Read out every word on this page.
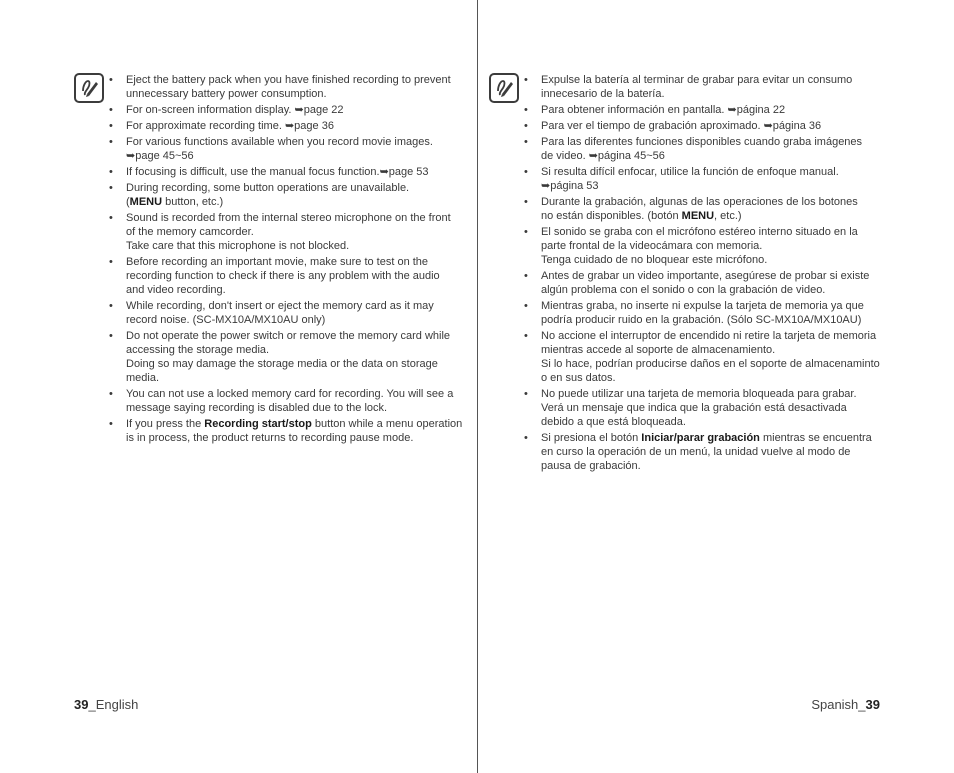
• Eject the battery pack when you have finished recording to prevent
unnecessary battery power consumption.
• For on-screen information display. ➥page 22
• For approximate recording time. ➥page 36
• For various functions available when you record movie images.
➥page 45~56
• If focusing is difficult, use the manual focus function.➥page 53
• During recording, some button operations are unavailable.
(MENU button, etc.)
• Sound is recorded from the internal stereo microphone on the front
of the memory camcorder.
Take care that this microphone is not blocked.
• Before recording an important movie, make sure to test on the
recording function to check if there is any problem with the audio
and video recording.
• While recording, don't insert or eject the memory card as it may
record noise. (SC-MX10A/MX10AU only)
• Do not operate the power switch or remove the memory card while
accessing the storage media.
Doing so may damage the storage media or the data on storage
media.
• You can not use a locked memory card for recording. You will see a
message saying recording is disabled due to the lock.
• If you press the Recording start/stop button while a menu operation
is in process, the product returns to recording pause mode.
• Expulse la batería al terminar de grabar para evitar un consumo
innecesario de la batería.
• Para obtener información en pantalla. ➥página 22
• Para ver el tiempo de grabación aproximado. ➥página 36
• Para las diferentes funciones disponibles cuando graba imágenes
de video. ➥página 45~56
• Si resulta difícil enfocar, utilice la función de enfoque manual.
➥página 53
• Durante la grabación, algunas de las operaciones de los botones
no están disponibles. (botón MENU, etc.)
• El sonido se graba con el micrófono estéreo interno situado en la
parte frontal de la videocámara con memoria.
Tenga cuidado de no bloquear este micrófono.
• Antes de grabar un video importante, asegúrese de probar si existe
algún problema con el sonido o con la grabación de video.
• Mientras graba, no inserte ni expulse la tarjeta de memoria ya que
podría producir ruido en la grabación. (Sólo SC-MX10A/MX10AU)
• No accione el interruptor de encendido ni retire la tarjeta de memoria
mientras accede al soporte de almacenamiento.
Si lo hace, podrían producirse daños en el soporte de almacenaminto
o en sus datos.
• No puede utilizar una tarjeta de memoria bloqueada para grabar.
Verá un mensaje que indica que la grabación está desactivada
debido a que está bloqueada.
• Si presiona el botón Iniciar/parar grabación mientras se encuentra
en curso la operación de un menú, la unidad vuelve al modo de
pausa de grabación.
39_English	Spanish_39
